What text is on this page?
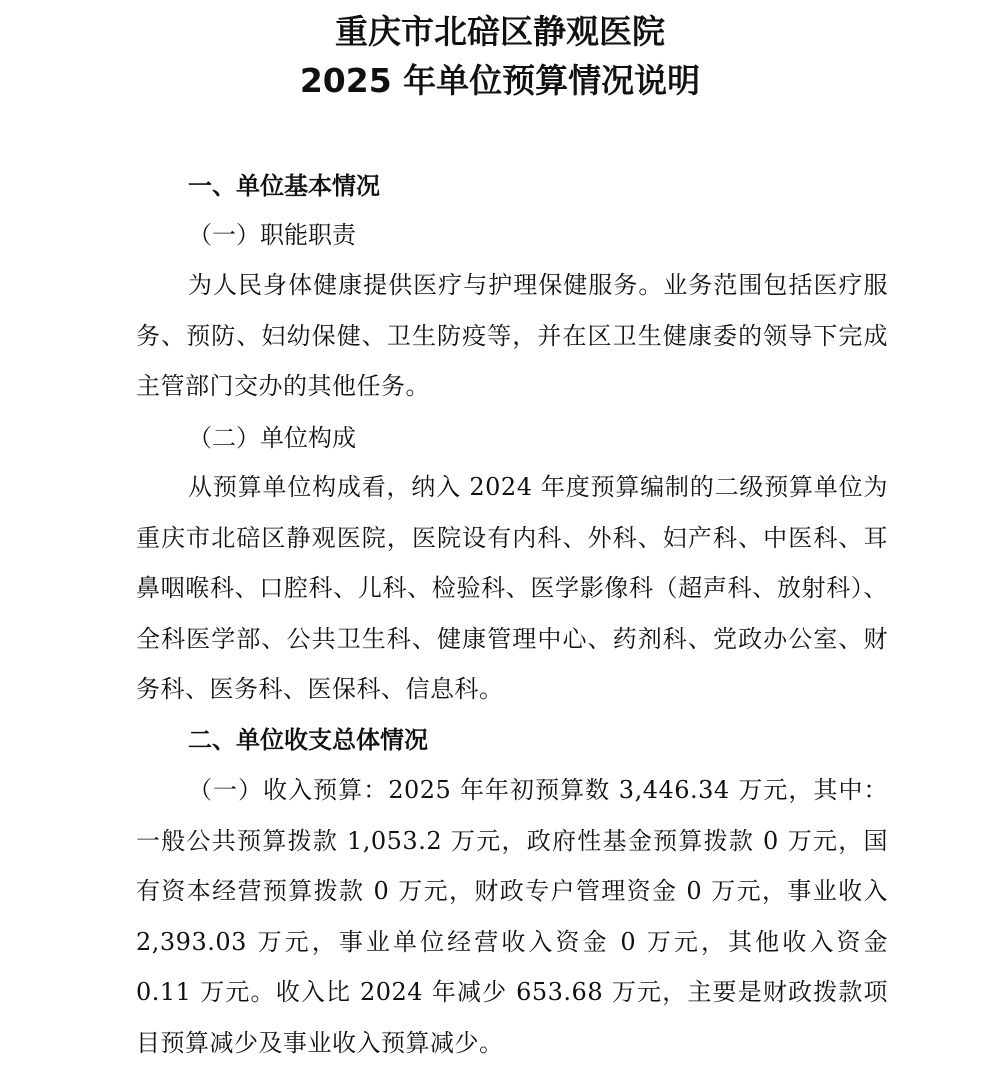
重庆市北碚区静观医院
2025 年单位预算情况说明
一、单位基本情况
（一）职能职责
为人民身体健康提供医疗与护理保健服务。业务范围包括医疗服务、预防、妇幼保健、卫生防疫等，并在区卫生健康委的领导下完成主管部门交办的其他任务。
（二）单位构成
从预算单位构成看，纳入 2024 年度预算编制的二级预算单位为重庆市北碚区静观医院，医院设有内科、外科、妇产科、中医科、耳鼻咽喉科、口腔科、儿科、检验科、医学影像科（超声科、放射科）、全科医学部、公共卫生科、健康管理中心、药剂科、党政办公室、财务科、医务科、医保科、信息科。
二、单位收支总体情况
（一）收入预算：2025 年年初预算数 3,446.34 万元，其中：一般公共预算拨款 1,053.2 万元，政府性基金预算拨款 0 万元，国有资本经营预算拨款 0 万元，财政专户管理资金 0 万元，事业收入 2,393.03 万元，事业单位经营收入资金 0 万元，其他收入资金 0.11 万元。收入比 2024 年减少 653.68 万元，主要是财政拨款项目预算减少及事业收入预算减少。
